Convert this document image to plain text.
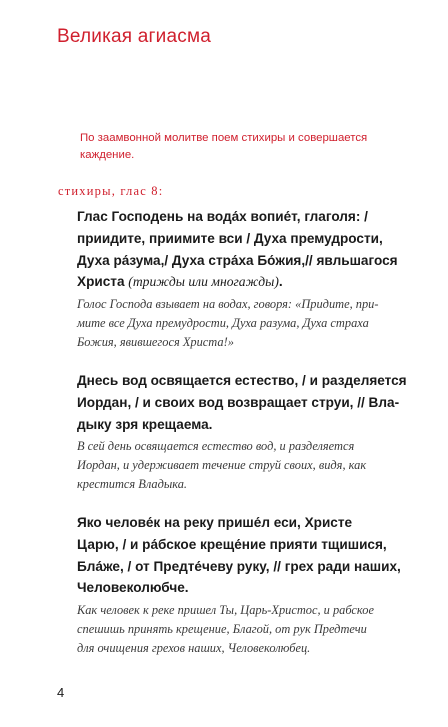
Великая агиасма

По заамвонной молитве поем стихиры и совершается
каждение.

стихиры, глас 8:

Глас Господень на вода́х вопие́т, глаголя: /
приидите, приимите вси / Духа премудрости,
Духа ра́зума,/ Духа стра́ха Бо́жия,// явльшагося
Христа (трижды или многажды).
Голос Господа взывает на водах, говоря: «Придите, при-
мите все Духа премудрости, Духа разума, Духа страха
Божия, явившегося Христа!»
Днесь вод освящается естество, / и разделяется
Иордан, / и своих вод возвращает струи, // Вла-
дыку зря крещаема.
В сей день освящается естество вод, и разделяется
Иордан, и удерживает течение струй своих, видя, как
крестится Владыка.
Яко челове́к на реку прише́л еси, Христе
Царю, / и ра́бское креще́ние прияти тщишися,
Бла́же, / от Предте́чеву руку, // грех ради наших,
Человеколюбче.
Как человек к реке пришел Ты, Царь-Христос, и рабское
спешишь принять крещение, Благой, от рук Предтечи
для очищения грехов наших, Человеколюбец.
4
